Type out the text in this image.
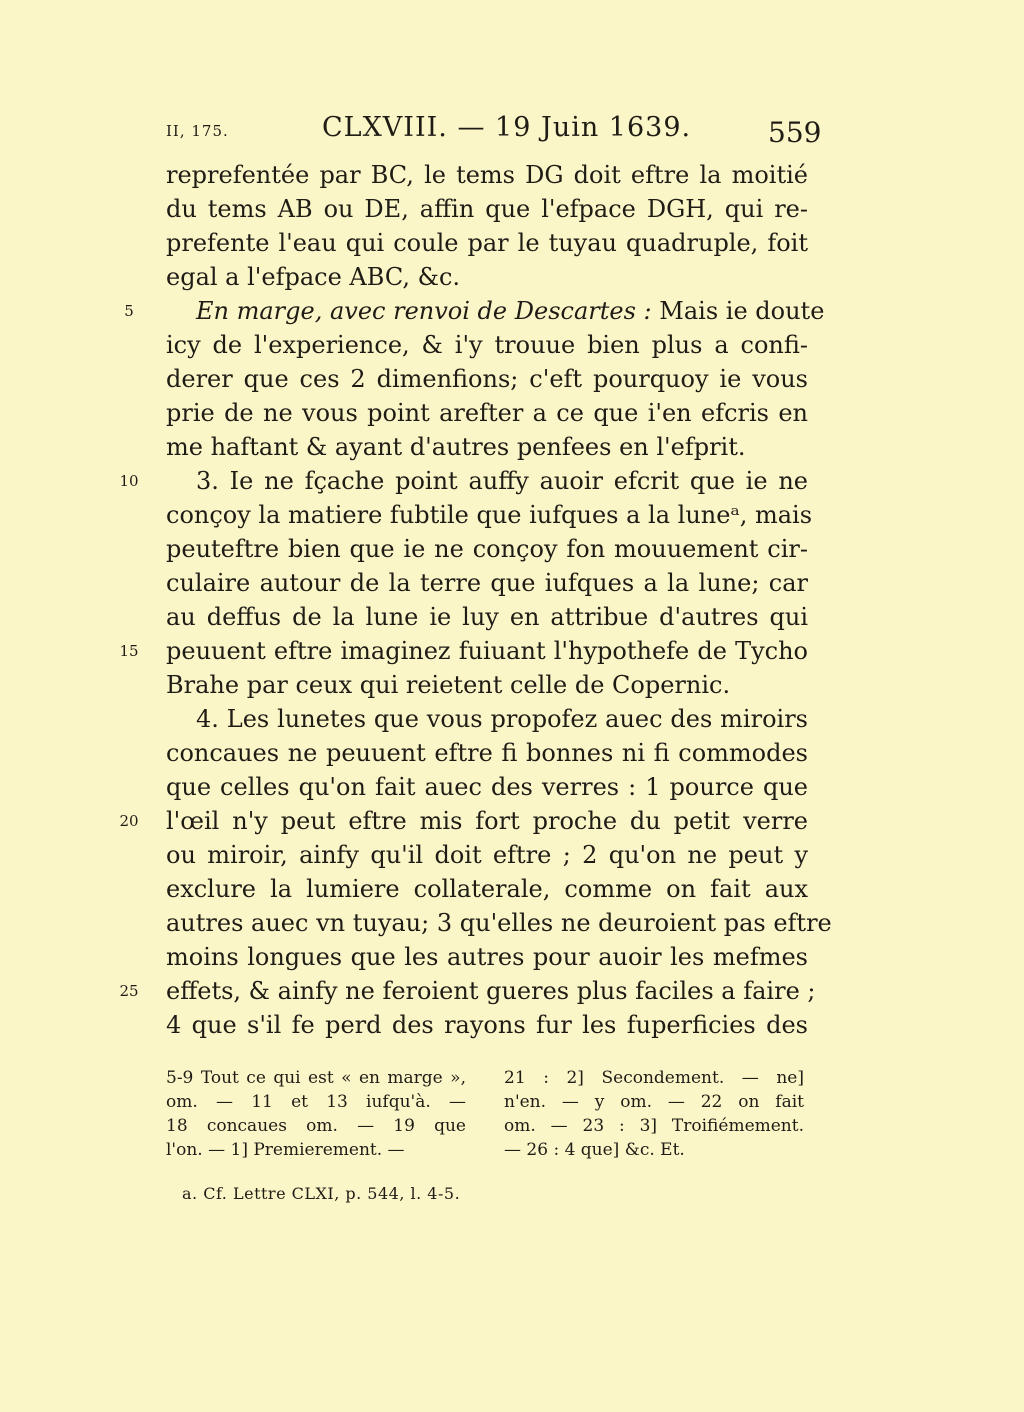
II, 175.	CLXVIII. — 19 Juin 1639.	559
reprefentée par BC, le tems DG doit eftre la moitié
du tems AB ou DE, affin que l'efpace DGH, qui re-
prefente l'eau qui coule par le tuyau quadruple, foit
egal a l'efpace ABC, &c.
En marge, avec renvoi de Descartes : Mais ie doute
5
icy de l'experience, & i'y trouue bien plus a confi-
derer que ces 2 dimenfions; c'eft pourquoy ie vous
prie de ne vous point arefter a ce que i'en efcris en
me haftant & ayant d'autres penfees en l'efprit.
3. Ie ne fçache point auffy auoir efcrit que ie ne
10
conçoy la matiere fubtile que iufques a la luneᵃ, mais
peuteftre bien que ie ne conçoy fon mouuement cir-
culaire autour de la terre que iufques a la lune; car
au deffus de la lune ie luy en attribue d'autres qui
peuuent eftre imaginez fuiuant l'hypothefe de Tycho
15
Brahe par ceux qui reietent celle de Copernic.
4. Les lunetes que vous propofez auec des miroirs
concaues ne peuuent eftre fi bonnes ni fi commodes
que celles qu'on fait auec des verres : 1 pource que
l'œil n'y peut eftre mis fort proche du petit verre
20
ou miroir, ainfy qu'il doit eftre ; 2 qu'on ne peut y
exclure la lumiere collaterale, comme on fait aux
autres auec vn tuyau; 3 qu'elles ne deuroient pas eftre
moins longues que les autres pour auoir les mefmes
effets, & ainfy ne feroient gueres plus faciles a faire ;
25
4 que s'il fe perd des rayons fur les fuperficies des
5-9 Tout ce qui est « en marge »,
om. — 11 et 13 iufqu'à. —
18 concaues om. — 19 que
l'on. — 1] Premierement. —
21 : 2] Secondement. — ne]
n'en. — y om. — 22 on fait
om. — 23 : 3] Troifiémement.
— 26 : 4 que] &c. Et.
a. Cf. Lettre CLXI, p. 544, l. 4-5.
